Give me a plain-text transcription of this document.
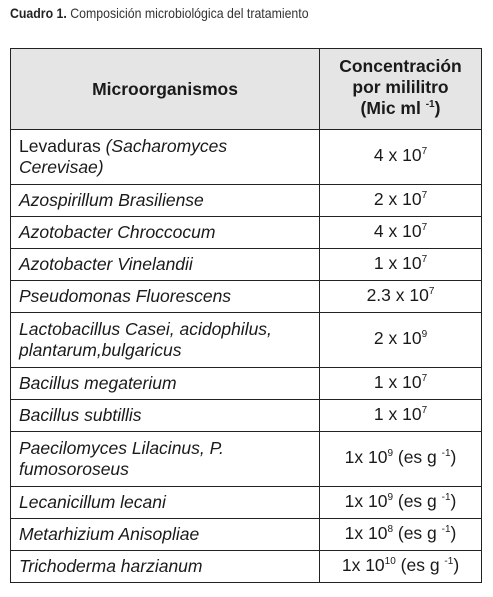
Cuadro 1. Composición microbiológica del tratamiento
Microorganismos	Concentración
por mililitro
(Mic ml $^{-1}$)

Levaduras (Sacharomyces Cerevisae)	4 x $10^7$
Azospirillum Brasiliense	2 x $10^7$
Azotobacter Chroccocum	4 x $10^7$
Azotobacter Vinelandii	1 x $10^7$
Pseudomonas Fluorescens	2.3 x $10^7$
Lactobacillus Casei, acidophilus, plantarum,bulgaricus	2 x $10^9$
Bacillus megaterium	1 x $10^7$
Bacillus subtillis	1 x $10^7$
Paecilomyces Lilacinus, P. fumosoroseus	1x $10^9$ (es g $^{-1}$)
Lecanicillum lecani	1x $10^9$ (es g $^{-1}$)
Metarhizium Anisopliae	1x $10^8$ (es g $^{-1}$)
Trichoderma harzianum	1x $10^{10}$ (es g $^{-1}$)
